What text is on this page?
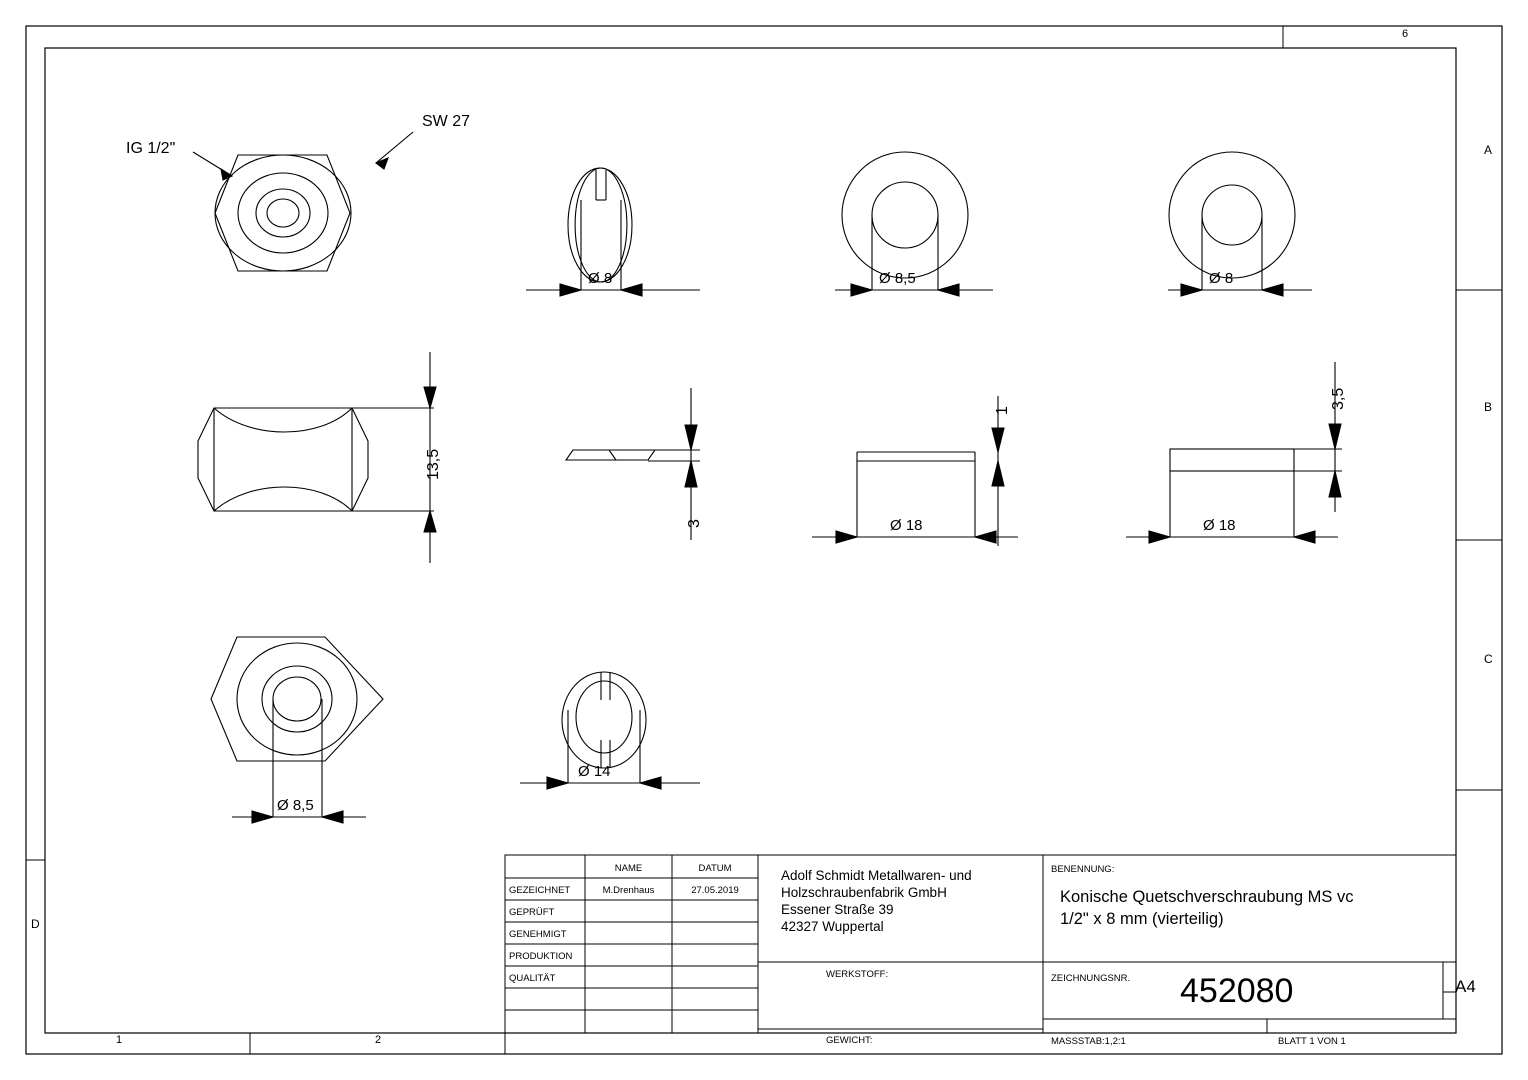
6
A
B
C
D
1	2
IG 1/2"
SW 27
Ø 8	Ø 8,5	Ø 8
13,5
3
1
Ø 18
3,5
Ø 18
Ø 8,5
Ø 14
NAME	DATUM
GEZEICHNET	M.Drenhaus	27.05.2019
GEPRÜFT
GENEHMIGT
PRODUKTION
QUALITÄT
Adolf Schmidt Metallwaren- und
Holzschraubenfabrik GmbH
Essener Straße 39
42327 Wuppertal
WERKSTOFF:
GEWICHT:
BENENNUNG:
Konische Quetschverschraubung MS vc
1/2" x 8 mm (vierteilig)
ZEICHNUNGSNR. 452080	A4
MASSSTAB:1,2:1	BLATT 1 VON 1
